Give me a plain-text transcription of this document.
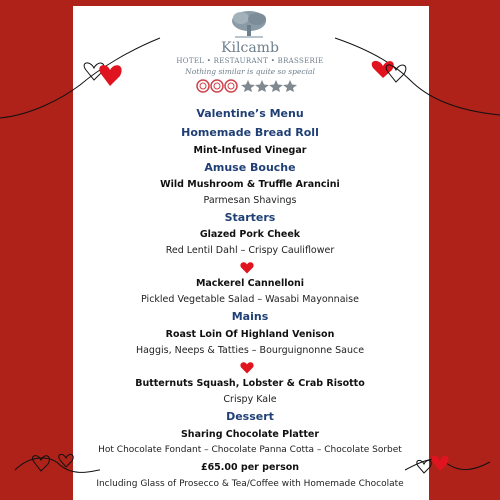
Kilcamb
HOTEL • RESTAURANT • BRASSERIE
Nothing similar is quite so special
Valentine’s Menu
Homemade Bread Roll
Mint-Infused Vinegar
Amuse Bouche
Wild Mushroom & Truffle Arancini
Parmesan Shavings
Starters
Glazed Pork Cheek
Red Lentil Dahl – Crispy Cauliflower
Mackerel Cannelloni
Pickled Vegetable Salad – Wasabi Mayonnaise
Mains
Roast Loin Of Highland Venison
Haggis, Neeps & Tatties – Bourguignonne Sauce
Butternuts Squash, Lobster & Crab Risotto
Crispy Kale
Dessert
Sharing Chocolate Platter
Hot Chocolate Fondant – Chocolate Panna Cotta – Chocolate Sorbet
£65.00 per person
Including Glass of Prosecco & Tea/Coffee with Homemade Chocolate
